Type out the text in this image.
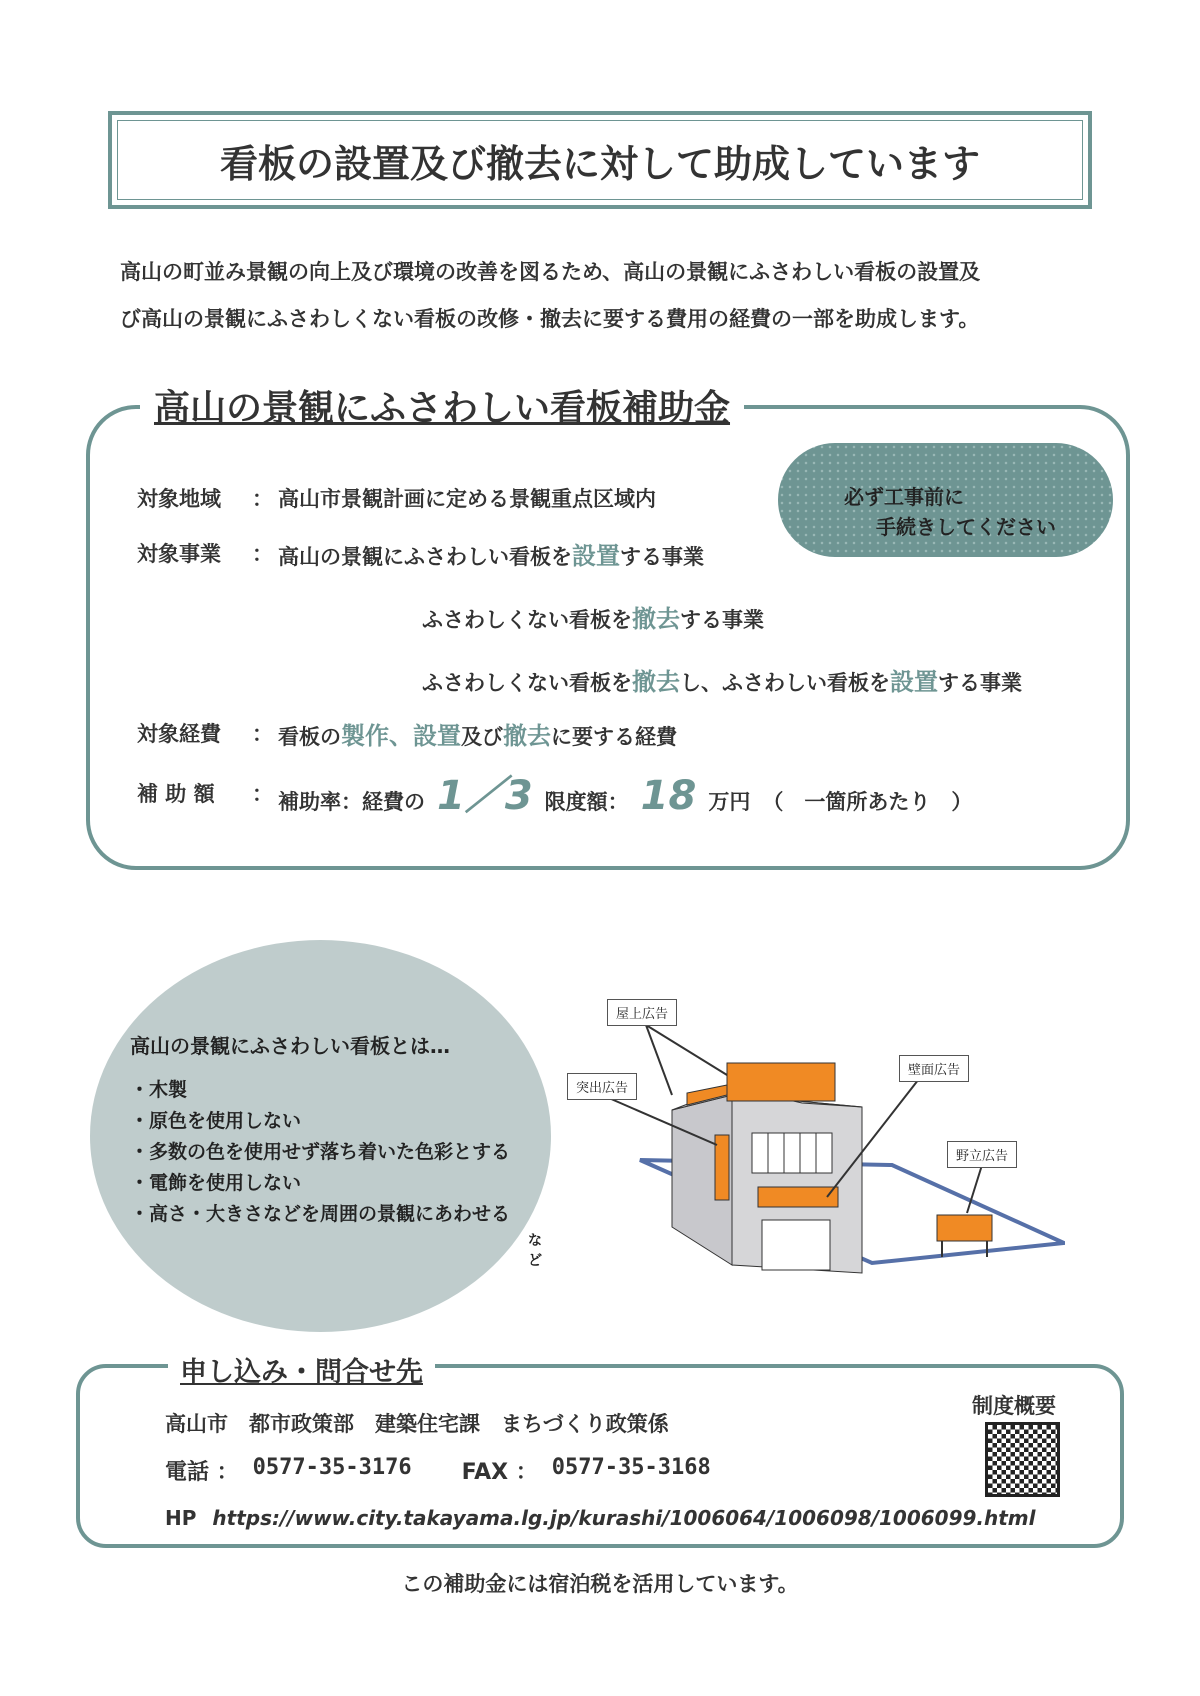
看板の設置及び撤去に対して助成しています
高山の町並み景観の向上及び環境の改善を図るため、高山の景観にふさわしい看板の設置及
び高山の景観にふさわしくない看板の改修・撤去に要する費用の経費の一部を助成します。
高山の景観にふさわしい看板補助金
必ず工事前に
手続きしてください
対象地域 ： 高山市景観計画に定める景観重点区域内
対象事業 ： 高山の景観にふさわしい看板を設置する事業
ふさわしくない看板を撤去する事業
ふさわしくない看板を撤去し、ふさわしい看板を設置する事業
対象経費 ： 看板の製作、設置及び撤去に要する経費
補 助 額 ： 補助率：経費の 1／3 限度額： 18 万円 （　一箇所あたり　）
高山の景観にふさわしい看板とは…
・木製
・原色を使用しない
・多数の色を使用せず落ち着いた色彩とする
・電飾を使用しない
・高さ・大きさなどを周囲の景観にあわせる
など
屋上広告
突出広告
壁面広告
野立広告
申し込み・問合せ先
高山市　都市政策部　建築住宅課　まちづくり政策係
電話 ： 0577-35-3176 FAX ： 0577-35-3168
HP https://www.city.takayama.lg.jp/kurashi/1006064/1006098/1006099.html
制度概要
この補助金には宿泊税を活用しています。
